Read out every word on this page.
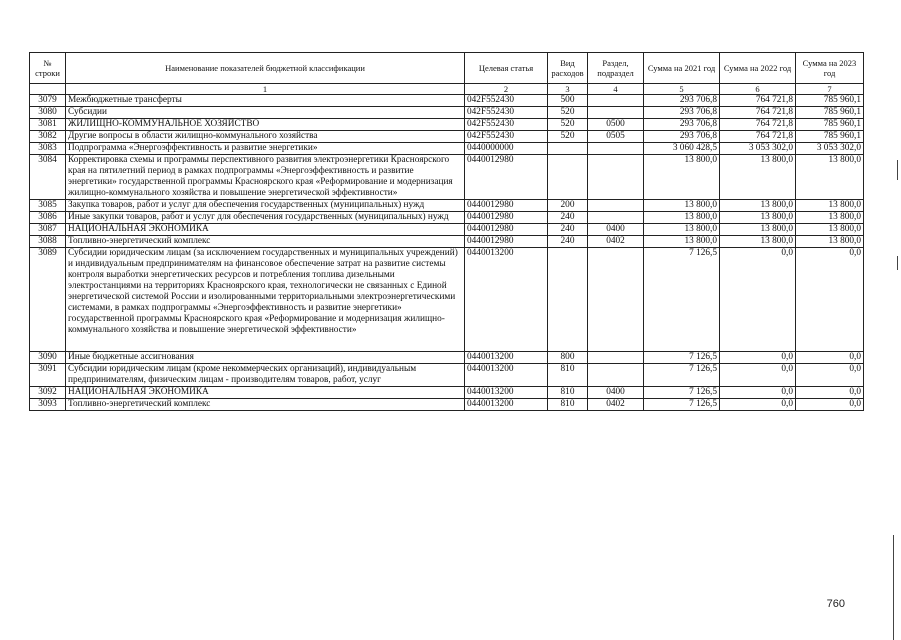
№ строки	Наименование показателей бюджетной классификации	Целевая статья	Вид расходов	Раздел, подраздел	Сумма на 2021 год	Сумма на 2022 год	Сумма на 2023 год
	1	2	3	4	5	6	7
3079	Межбюджетные трансферты	042F552430	500		293 706,8	764 721,8	785 960,1
3080	Субсидии	042F552430	520		293 706,8	764 721,8	785 960,1
3081	ЖИЛИЩНО-КОММУНАЛЬНОЕ ХОЗЯЙСТВО	042F552430	520	0500	293 706,8	764 721,8	785 960,1
3082	Другие вопросы в области жилищно-коммунального хозяйства	042F552430	520	0505	293 706,8	764 721,8	785 960,1
3083	Подпрограмма «Энергоэффективность и развитие энергетики»	0440000000			3 060 428,5	3 053 302,0	3 053 302,0
3084	Корректировка схемы и программы перспективного развития электроэнергетики Красноярского края на пятилетний период в рамках подпрограммы «Энергоэффективность и развитие энергетики» государственной программы Красноярского края «Реформирование и модернизация жилищно-коммунального хозяйства и повышение энергетической эффективности»	0440012980			13 800,0	13 800,0	13 800,0
3085	Закупка товаров, работ и услуг для обеспечения государственных (муниципальных) нужд	0440012980	200		13 800,0	13 800,0	13 800,0
3086	Иные закупки товаров, работ и услуг для обеспечения государственных (муниципальных) нужд	0440012980	240		13 800,0	13 800,0	13 800,0
3087	НАЦИОНАЛЬНАЯ ЭКОНОМИКА	0440012980	240	0400	13 800,0	13 800,0	13 800,0
3088	Топливно-энергетический комплекс	0440012980	240	0402	13 800,0	13 800,0	13 800,0
3089	Субсидии юридическим лицам (за исключением государственных и муниципальных учреждений) и индивидуальным предпринимателям на финансовое обеспечение затрат на развитие системы контроля выработки энергетических ресурсов и потребления топлива дизельными электростанциями на территориях Красноярского края, технологически не связанных с Единой энергетической системой России и изолированными территориальными электроэнергетическими системами, в рамках подпрограммы «Энергоэффективность и развитие энергетики» государственной программы Красноярского края «Реформирование и модернизация жилищно-коммунального хозяйства и повышение энергетической эффективности»	0440013200			7 126,5	0,0	0,0
3090	Иные бюджетные ассигнования	0440013200	800		7 126,5	0,0	0,0
3091	Субсидии юридическим лицам (кроме некоммерческих организаций), индивидуальным предпринимателям, физическим лицам - производителям товаров, работ, услуг	0440013200	810		7 126,5	0,0	0,0
3092	НАЦИОНАЛЬНАЯ ЭКОНОМИКА	0440013200	810	0400	7 126,5	0,0	0,0
3093	Топливно-энергетический комплекс	0440013200	810	0402	7 126,5	0,0	0,0
760
